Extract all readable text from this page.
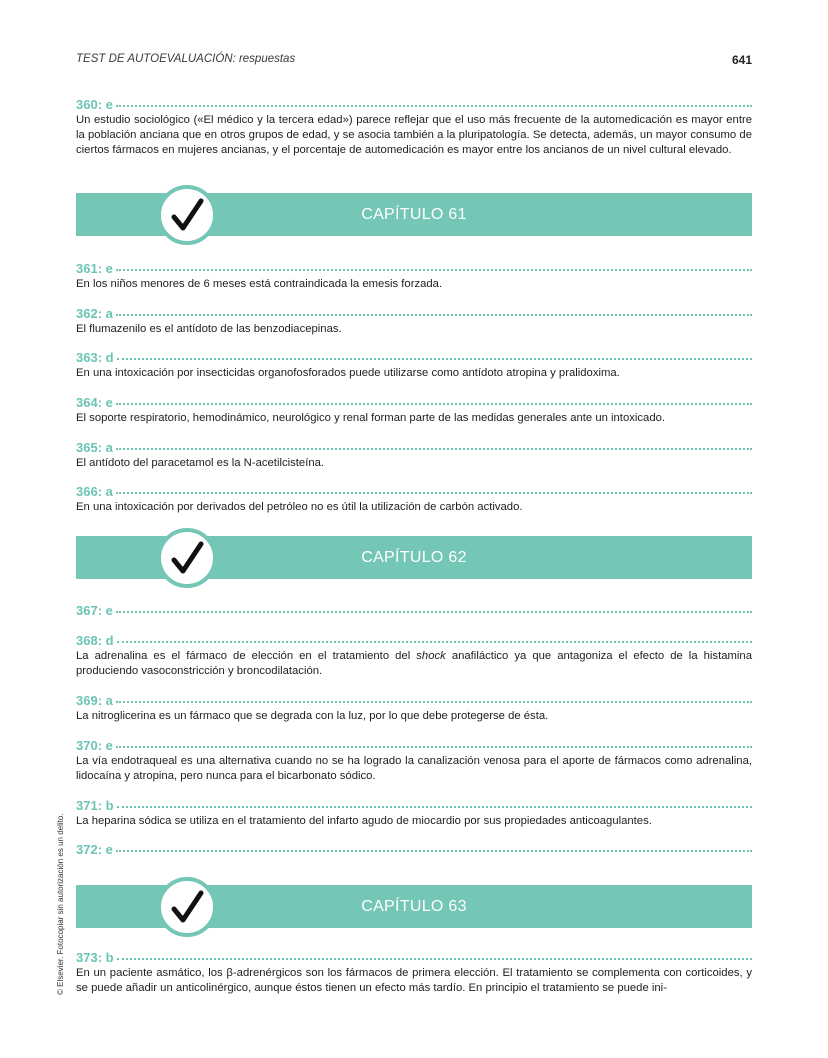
TEST DE AUTOEVALUACIÓN: respuestas	641
360: e

Un estudio sociológico («El médico y la tercera edad») parece reflejar que el uso más frecuente de la automedicación es mayor entre la población anciana que en otros grupos de edad, y se asocia también a la pluripatología. Se detecta, además, un mayor consumo de ciertos fármacos en mujeres ancianas, y el porcentaje de automedicación es mayor entre los ancianos de un nivel cultural elevado.

CAPÍTULO 61
361: e

En los niños menores de 6 meses está contraindicada la emesis forzada.

362: a

El flumazenilo es el antídoto de las benzodiacepinas.

363: d

En una intoxicación por insecticidas organofosforados puede utilizarse como antídoto atropina y pralidoxima.

364: e

El soporte respiratorio, hemodinámico, neurológico y renal forman parte de las medidas generales ante un intoxicado.

365: a

El antídoto del paracetamol es la N-acetilcisteína.

366: a

En una intoxicación por derivados del petróleo no es útil la utilización de carbón activado.

CAPÍTULO 62
367: e
368: d

La adrenalina es el fármaco de elección en el tratamiento del shock anafiláctico ya que antagoniza el efecto de la histamina produciendo vasoconstricción y broncodilatación.

369: a

La nitroglicerina es un fármaco que se degrada con la luz, por lo que debe protegerse de ésta.

370: e

La vía endotraqueal es una alternativa cuando no se ha logrado la canalización venosa para el aporte de fármacos como adrenalina, lidocaína y atropina, pero nunca para el bicarbonato sódico.

371: b

La heparina sódica se utiliza en el tratamiento del infarto agudo de miocardio por sus propiedades anticoagulantes.

372: e
CAPÍTULO 63
373: b

En un paciente asmático, los β-adrenérgicos son los fármacos de primera elección. El tratamiento se complementa con corticoides, y se puede añadir un anticolinérgico, aunque éstos tienen un efecto más tardío. En principio el tratamiento se puede ini-

© Elsevier. Fotocopiar sin autorización es un delito.
